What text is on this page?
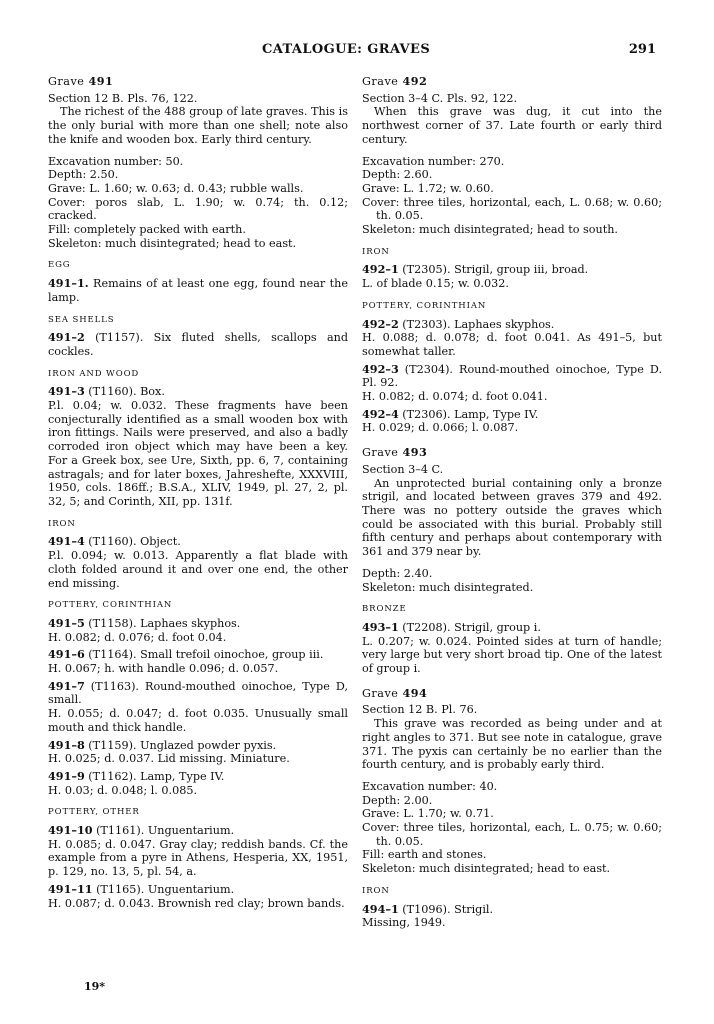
CATALOGUE: GRAVES	291

Grave 491

Section 12 B. Pls. 76, 122.

The richest of the 488 group of late graves. This is the only burial with more than one shell; note also the knife and wooden box. Early third century.

Excavation number: 50.

Depth: 2.50.

Grave: L. 1.60; w. 0.63; d. 0.43; rubble walls.

Cover: poros slab, L. 1.90; w. 0.74; th. 0.12; cracked.

Fill: completely packed with earth.

Skeleton: much disintegrated; head to east.

EGG

491–1. Remains of at least one egg, found near the lamp.

SEA SHELLS

491–2 (T1157). Six fluted shells, scallops and cockles.

IRON AND WOOD

491–3 (T1160). Box.

P.l. 0.04; w. 0.032. These fragments have been conjecturally identified as a small wooden box with iron fittings. Nails were preserved, and also a badly corroded iron object which may have been a key. For a Greek box, see Ure, Sixth, pp. 6, 7, containing astragals; and for later boxes, Jahreshefte, XXXVIII, 1950, cols. 186ff.; B.S.A., XLIV, 1949, pl. 27, 2, pl. 32, 5; and Corinth, XII, pp. 131f.

IRON

491–4 (T1160). Object.

P.l. 0.094; w. 0.013. Apparently a flat blade with cloth folded around it and over one end, the other end missing.

POTTERY, CORINTHIAN

491–5 (T1158). Laphaes skyphos.

H. 0.082; d. 0.076; d. foot 0.04.

491–6 (T1164). Small trefoil oinochoe, group iii.

H. 0.067; h. with handle 0.096; d. 0.057.

491–7 (T1163). Round-mouthed oinochoe, Type D, small.

H. 0.055; d. 0.047; d. foot 0.035. Unusually small mouth and thick handle.

491–8 (T1159). Unglazed powder pyxis.

H. 0.025; d. 0.037. Lid missing. Miniature.

491–9 (T1162). Lamp, Type IV.

H. 0.03; d. 0.048; l. 0.085.

POTTERY, OTHER

491–10 (T1161). Unguentarium.

H. 0.085; d. 0.047. Gray clay; reddish bands. Cf. the example from a pyre in Athens, Hesperia, XX, 1951, p. 129, no. 13, 5, pl. 54, a.

491–11 (T1165). Unguentarium.

H. 0.087; d. 0.043. Brownish red clay; brown bands.

Grave 492

Section 3–4 C. Pls. 92, 122.

When this grave was dug, it cut into the northwest corner of 37. Late fourth or early third century.

Excavation number: 270.

Depth: 2.60.

Grave: L. 1.72; w. 0.60.

Cover: three tiles, horizontal, each, L. 0.68; w. 0.60; th. 0.05.

Skeleton: much disintegrated; head to south.

IRON

492–1 (T2305). Strigil, group iii, broad.

L. of blade 0.15; w. 0.032.

POTTERY, CORINTHIAN

492–2 (T2303). Laphaes skyphos.

H. 0.088; d. 0.078; d. foot 0.041. As 491–5, but somewhat taller.

492–3 (T2304). Round-mouthed oinochoe, Type D. Pl. 92.

H. 0.082; d. 0.074; d. foot 0.041.

492–4 (T2306). Lamp, Type IV.

H. 0.029; d. 0.066; l. 0.087.

Grave 493

Section 3–4 C.

An unprotected burial containing only a bronze strigil, and located between graves 379 and 492. There was no pottery outside the graves which could be associated with this burial. Probably still fifth century and perhaps about contemporary with 361 and 379 near by.

Depth: 2.40.

Skeleton: much disintegrated.

BRONZE

493–1 (T2208). Strigil, group i.

L. 0.207; w. 0.024. Pointed sides at turn of handle; very large but very short broad tip. One of the latest of group i.

Grave 494

Section 12 B. Pl. 76.

This grave was recorded as being under and at right angles to 371. But see note in catalogue, grave 371. The pyxis can certainly be no earlier than the fourth century, and is probably early third.

Excavation number: 40.

Depth: 2.00.

Grave: L. 1.70; w. 0.71.

Cover: three tiles, horizontal, each, L. 0.75; w. 0.60; th. 0.05.

Fill: earth and stones.

Skeleton: much disintegrated; head to east.

IRON

494–1 (T1096). Strigil.

Missing, 1949.

19*
